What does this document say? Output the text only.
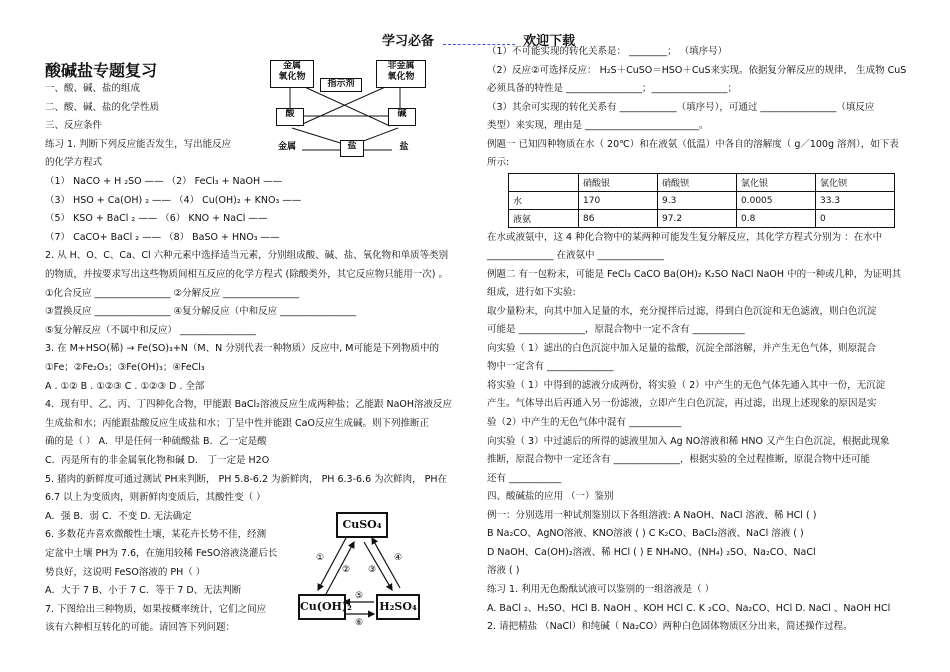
学习必备	欢迎下载
酸碱盐专题复习
一、酸、碱、盐的组成
二、酸、碱、盐的化学性质
三、反应条件
练习 1. 判断下列反应能否发生，写出能反应
的化学方程式
（1） NaCO + H ₂SO —— （2） FeCl₃ + NaOH ——
（3） HSO + Ca(OH) ₂ —— （4） Cu(OH)₂ + KNO₃ ——
（5） KSO + BaCl ₂ —— （6） KNO + NaCl ——
（7） CaCO+ BaCl ₂ —— （8） BaSO + HNO₃ ——
2. 从 H、O、C、Ca、Cl 六种元素中选择适当元素，分别组成酸、碱、盐、氧化物和单质等类别
的物质，并按要求写出这些物质间相互反应的化学方程式 (除酸类外，其它反应物只能用一次) 。
①化合反应 ________________ ②分解反应 ________________
③置换反应 ________________ ④复分解反应（中和反应 ________________
⑤复分解反应（不属中和反应） ________________
3. 在 M+HSO(稀) → Fe(SO)₃+N（M、N 分别代表一种物质）反应中, M可能是下列物质中的
①Fe；②Fe₂O₃；③Fe(OH)₃；④FeCl₃
A . ①② B . ①②③ C . ①②③ D . 全部
4．现有甲、乙、丙、丁四种化合物，甲能跟 BaCl₂溶液反应生成两种盐；乙能跟 NaOH溶液反应
生成盐和水；丙能跟盐酸反应生成盐和水；丁呈中性并能跟 CaO反应生成碱。则下列推断正
确的是（ ） A．甲是任何一种硫酸盐 B．乙一定是酸
C．丙是所有的非金属氧化物和碱 D． 丁一定是 H2O
5. 猪肉的新鲜度可通过测试 PH来判断， PH 5.8-6.2 为新鲜肉， PH 6.3-6.6 为次鲜肉， PH在
6.7 以上为变质肉，则新鲜肉变质后，其酸性变（ ）
A．强 B．弱 C．不变 D. 无法确定
6. 多数花卉喜欢微酸性土壤，某花卉长势不佳，经测
定盆中土壤 PH为 7.6，在施用较稀 FeSO溶液浇灌后长
势良好，这说明 FeSO溶液的 PH（ ）
A．大于 7 B、小于 7 C．等于 7 D、无法判断
7. 下图给出三种物质，如果按概率统计，它们之间应
该有六种相互转化的可能。请回答下列问题：
（1）不可能实现的转化关系是： ________； （填序号）
（2）反应②可选择反应： H₂S＋CuSO＝HSO＋CuS来实现。依据复分解反应的规律， 生成物 CuS
必须具备的特性是 ________________；________________；
（3）其余可实现的转化关系有 ____________（填序号），可通过 ________________（填反应
类型）来实现，理由是 ________________________。
例题一 已知四种物质在水（ 20℃）和在液氨（低温）中各自的溶解度（ g／100g 溶剂），如下表
所示:
在水或液氨中，这 4 种化合物中的某两种可能发生复分解反应，其化学方程式分别为 ：在水中
______________ 在液氨中 ______________
例题二 有一包粉末，可能是 FeCl₃ CaCO Ba(OH)₂ K₂SO NaCl NaOH 中的一种或几种，为证明其
组成，进行如下实验:
取少量粉末，向其中加入足量的水，充分搅拌后过滤，得到白色沉淀和无色滤液，则白色沉淀
可能是 ______________，原混合物中一定不含有 ___________
向实验（ 1）滤出的白色沉淀中加入足量的盐酸，沉淀全部溶解，并产生无色气体，则原混合
物中一定含有 ______________
将实验（ 1）中得到的滤液分成两份，将实验（ 2）中产生的无色气体先通入其中一份，无沉淀
产生。气体导出后再通入另一份滤液，立即产生白色沉淀，再过滤，出现上述现象的原因是实
验（2）中产生的无色气体中混有 ___________
向实验（ 3）中过滤后的所得的滤液里加入 Ag NO溶液和稀 HNO 又产生白色沉淀，根据此现象
推断，原混合物中一定还含有 ______________，根据实验的全过程推断，原混合物中还可能
还有 ___________
四、酸碱盐的应用 （一）鉴别
例一：分别选用一种试剂鉴别以下各组溶液: A NaOH、NaCl 溶液、稀 HCl ( )
B Na₂CO、AgNO溶液、KNO溶液 ( ) C K₂CO、BaCl₂溶液、NaCl 溶液 ( )
D NaOH、Ca(OH)₂溶液、稀 HCl ( ) E NH₄NO、(NH₄) ₂SO、Na₂CO、NaCl
溶液 ( )
练习 1. 利用无色酚酞试液可以鉴别的一组溶液是（ ）
A. BaCl ₂、H₂SO、HCl B. NaOH 、KOH HCl C. K ₂CO、Na₂CO、HCl D. NaCl 、NaOH HCl
2. 请把精盐 （NaCl）和纯碱（ Na₂CO）两种白色固体物质区分出来，简述操作过程。
金属
氧化物
非金属
氧化物
指示剂
酸	碱
金属	盐	盐
①
② ③
④
⑤
⑥
CuSO₄
Cu(OH)₂ H₂SO₄
	硝酸银	硝酸钡	氯化银	氯化钡
水	170	9.3	0.0005	33.3
液氨	86	97.2	0.8	0
